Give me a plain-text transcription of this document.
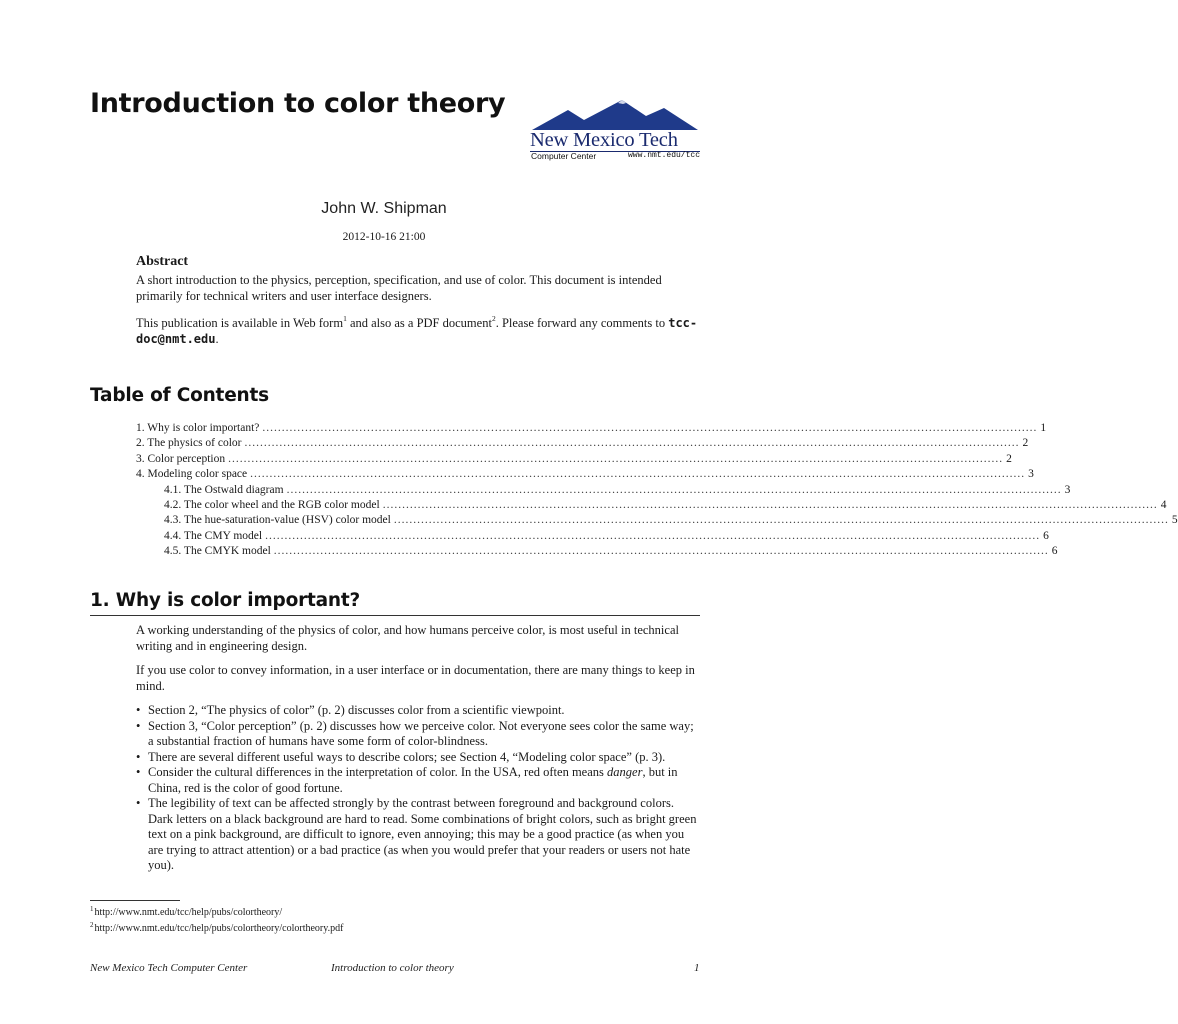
Introduction to color theory
New Mexico Tech
Computer Center	www.nmt.edu/tcc
John W. Shipman
2012-10-16 21:00
Abstract

A short introduction to the physics, perception, specification, and use of color. This document is intended primarily for technical writers and user interface designers.

This publication is available in Web form$^1$ and also as a PDF document$^2$. Please forward any comments to tcc-doc@nmt.edu.

Table of Contents
1. Why is color important? ........................................................................................................................................................................................................ 1
2. The physics of color ........................................................................................................................................................................................................ 2
3. Color perception ........................................................................................................................................................................................................ 2
4. Modeling color space ........................................................................................................................................................................................................ 3
4.1. The Ostwald diagram ........................................................................................................................................................................................................ 3
4.2. The color wheel and the RGB color model ........................................................................................................................................................................................................ 4
4.3. The hue-saturation-value (HSV) color model ........................................................................................................................................................................................................ 5
4.4. The CMY model ........................................................................................................................................................................................................ 6
4.5. The CMYK model ........................................................................................................................................................................................................ 6
1. Why is color important?

A working understanding of the physics of color, and how humans perceive color, is most useful in technical writing and in engineering design.

If you use color to convey information, in a user interface or in documentation, there are many things to keep in mind.

• Section 2, “The physics of color” (p. 2) discusses color from a scientific viewpoint.
• Section 3, “Color perception” (p. 2) discusses how we perceive color. Not everyone sees color the same way; a substantial fraction of humans have some form of color-blindness.
• There are several different useful ways to describe colors; see Section 4, “Modeling color space” (p. 3).
• Consider the cultural differences in the interpretation of color. In the USA, red often means danger, but in China, red is the color of good fortune.
• The legibility of text can be affected strongly by the contrast between foreground and background colors. Dark letters on a black background are hard to read. Some combinations of bright colors, such as bright green text on a pink background, are difficult to ignore, even annoying; this may be a good practice (as when you are trying to attract attention) or a bad practice (as when you would prefer that your readers or users not hate you).
$^1$http://www.nmt.edu/tcc/help/pubs/colortheory/
$^2$http://www.nmt.edu/tcc/help/pubs/colortheory/colortheory.pdf
New Mexico Tech Computer Center	Introduction to color theory	1
